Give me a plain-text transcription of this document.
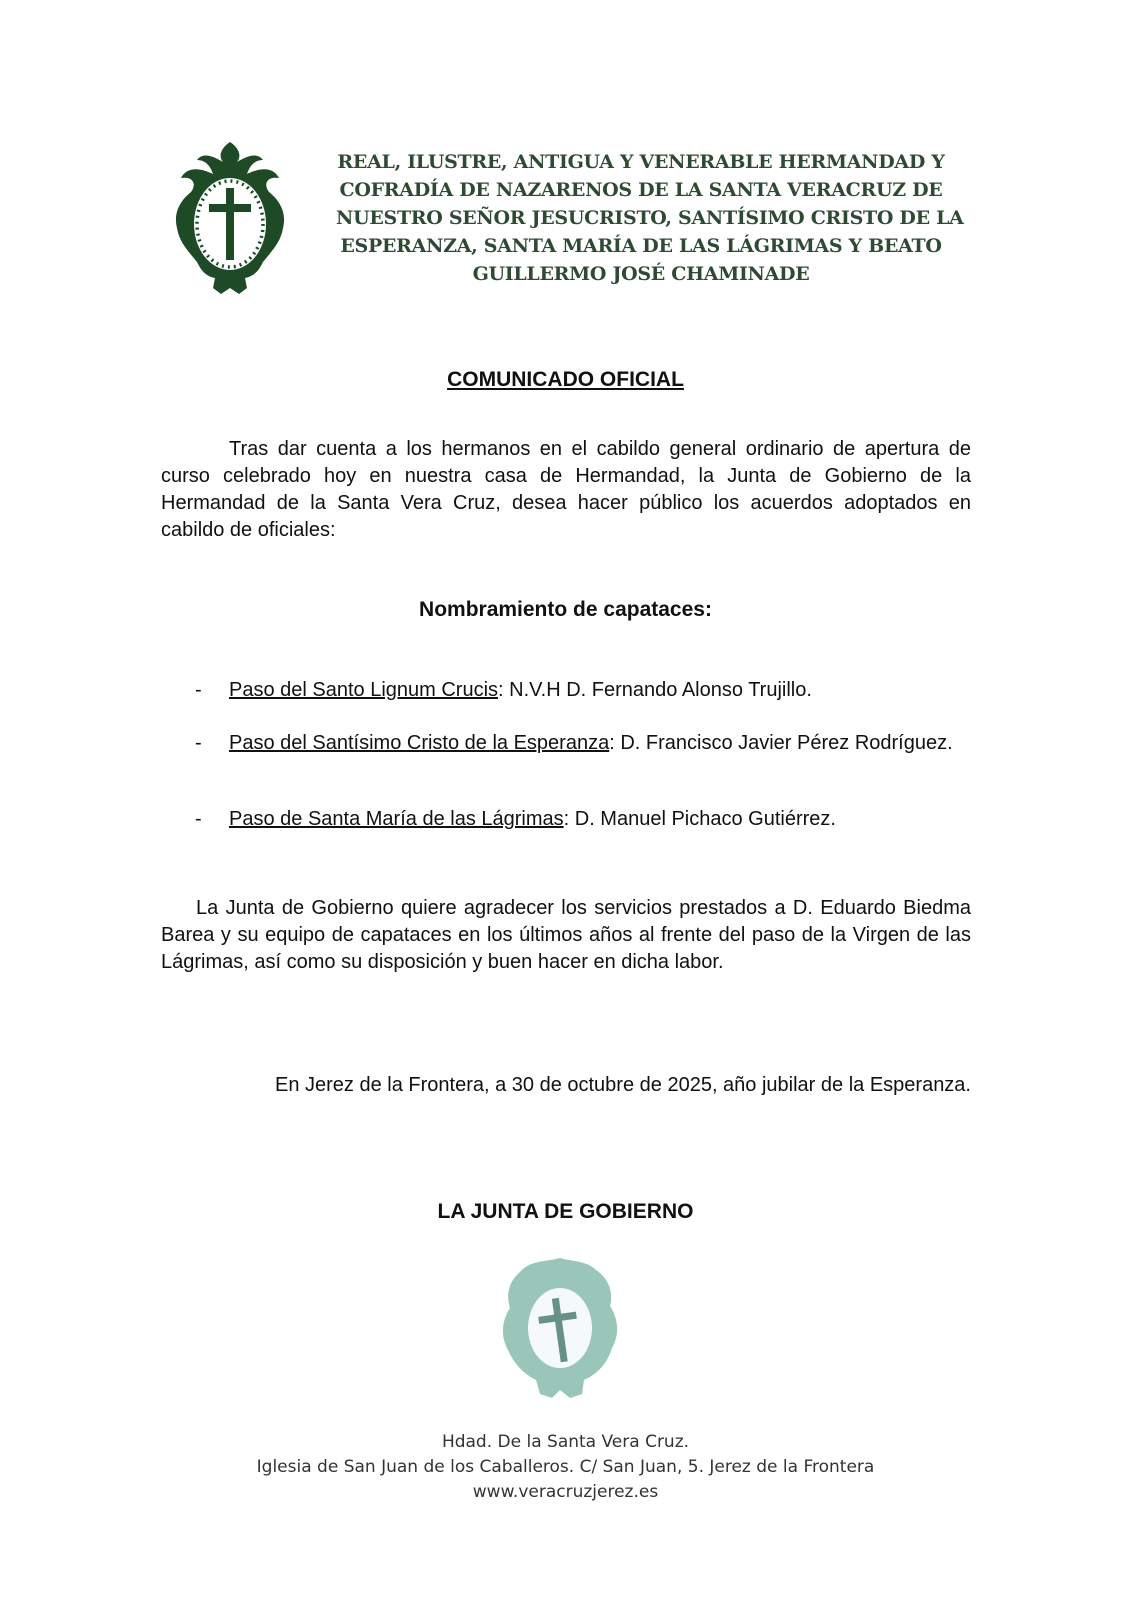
REAL, ILUSTRE, ANTIGUA Y VENERABLE HERMANDAD Y
COFRADÍA DE NAZARENOS DE LA SANTA VERACRUZ DE
NUESTRO SEÑOR JESUCRISTO, SANTÍSIMO CRISTO DE LA
ESPERANZA, SANTA MARÍA DE LAS LÁGRIMAS Y BEATO
GUILLERMO JOSÉ CHAMINADE
COMUNICADO OFICIAL

Tras dar cuenta a los hermanos en el cabildo general ordinario de apertura de curso celebrado hoy en nuestra casa de Hermandad, la Junta de Gobierno de la Hermandad de la Santa Vera Cruz, desea hacer público los acuerdos adoptados en cabildo de oficiales:

Nombramiento de capataces:
- Paso del Santo Lignum Crucis: N.V.H D. Fernando Alonso Trujillo.
- Paso del Santísimo Cristo de la Esperanza: D. Francisco Javier Pérez Rodríguez.
- Paso de Santa María de las Lágrimas: D. Manuel Pichaco Gutiérrez.

La Junta de Gobierno quiere agradecer los servicios prestados a D. Eduardo Biedma Barea y su equipo de capataces en los últimos años al frente del paso de la Virgen de las Lágrimas, así como su disposición y buen hacer en dicha labor.

En Jerez de la Frontera, a 30 de octubre de 2025, año jubilar de la Esperanza.

LA JUNTA DE GOBIERNO
Hdad. De la Santa Vera Cruz.
Iglesia de San Juan de los Caballeros. C/ San Juan, 5. Jerez de la Frontera
www.veracruzjerez.es
